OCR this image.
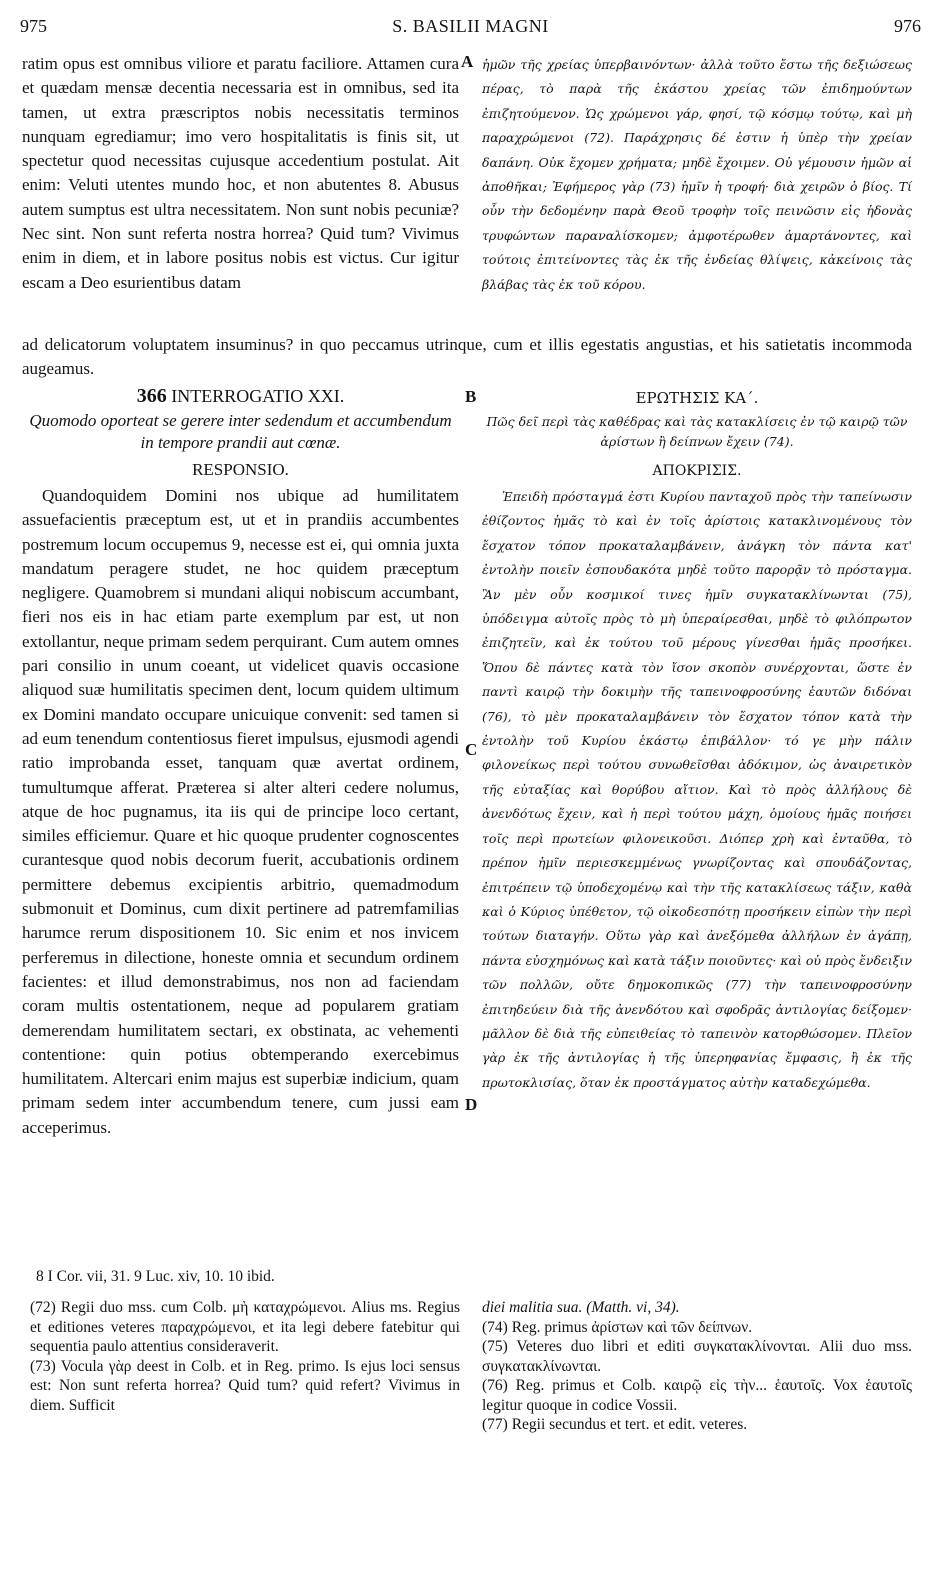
975	S. BASILII MAGNI	976
A
B
C
D
ratim opus est omnibus viliore et paratu faciliore. Attamen cura et quædam mensæ decentia necessaria est in omnibus, sed ita tamen, ut extra præscriptos nobis necessitatis terminos nunquam egrediamur; imo vero hospitalitatis is finis sit, ut spectetur quod necessitas cujusque accedentium postulat. Ait enim: Veluti utentes mundo hoc, et non abutentes 8. Abusus autem sumptus est ultra necessitatem. Non sunt nobis pecuniæ? Nec sint. Non sunt referta nostra horrea? Quid tum? Vivimus enim in diem, et in labore positus nobis est victus. Cur igitur escam a Deo esurientibus datam
ἡμῶν τῆς χρείας ὑπερβαινόντων· ἀλλὰ τοῦτο ἔστω τῆς δεξιώσεως πέρας, τὸ παρὰ τῆς ἑκάστου χρείας τῶν ἐπιδημούντων ἐπιζητούμενον. Ὡς χρώμενοι γάρ, φησί, τῷ κόσμῳ τούτῳ, καὶ μὴ παραχρώμενοι (72). Παράχρησις δέ ἐστιν ἡ ὑπὲρ τὴν χρείαν δαπάνη. Οὐκ ἔχομεν χρήματα; μηδὲ ἔχοιμεν. Οὐ γέμουσιν ἡμῶν αἱ ἀποθῆκαι; Ἐφήμερος γὰρ (73) ἡμῖν ἡ τροφή· διὰ χειρῶν ὁ βίος. Τί οὖν τὴν δεδομένην παρὰ Θεοῦ τροφὴν τοῖς πεινῶσιν εἰς ἡδονὰς τρυφώντων παραναλίσκομεν; ἀμφοτέρωθεν ἁμαρτάνοντες, καὶ τούτοις ἐπιτείνοντες τὰς ἐκ τῆς ἐνδείας θλίψεις, κἀκείνοις τὰς βλάβας τὰς ἐκ τοῦ κόρου.
ad delicatorum voluptatem insuminus? in quo peccamus utrinque, cum et illis egestatis angustias, et his satietatis incommoda augeamus.
366 INTERROGATIO XXI.
Quomodo oporteat se gerere inter sedendum et accumbendum in tempore prandii aut cœnæ.
RESPONSIO.
ΕΡΩΤΗΣΙΣ ΚΑ΄.
Πῶς δεῖ περὶ τὰς καθέδρας καὶ τὰς κατακλίσεις ἐν τῷ καιρῷ τῶν ἀρίστων ἢ δείπνων ἔχειν (74).
ΑΠΟΚΡΙΣΙΣ.
Quandoquidem Domini nos ubique ad humilitatem assuefacientis præceptum est, ut et in prandiis accumbentes postremum locum occupemus 9, necesse est ei, qui omnia juxta mandatum peragere studet, ne hoc quidem præceptum negligere. Quamobrem si mundani aliqui nobiscum accumbant, fieri nos eis in hac etiam parte exemplum par est, ut non extollantur, neque primam sedem perquirant. Cum autem omnes pari consilio in unum coeant, ut videlicet quavis occasione aliquod suæ humilitatis specimen dent, locum quidem ultimum ex Domini mandato occupare unicuique convenit: sed tamen si ad eum tenendum contentiosus fieret impulsus, ejusmodi agendi ratio improbanda esset, tanquam quæ avertat ordinem, tumultumque afferat. Præterea si alter alteri cedere nolumus, atque de hoc pugnamus, ita iis qui de principe loco certant, similes efficiemur. Quare et hic quoque prudenter cognoscentes curantesque quod nobis decorum fuerit, accubationis ordinem permittere debemus excipientis arbitrio, quemadmodum submonuit et Dominus, cum dixit pertinere ad patremfamilias harumce rerum dispositionem 10. Sic enim et nos invicem perferemus in dilectione, honeste omnia et secundum ordinem facientes: et illud demonstrabimus, nos non ad faciendam coram multis ostentationem, neque ad popularem gratiam demerendam humilitatem sectari, ex obstinata, ac vehementi contentione: quin potius obtemperando exercebimus humilitatem. Altercari enim majus est superbiæ indicium, quam primam sedem inter accumbendum tenere, cum jussi eam acceperimus.
Ἐπειδὴ πρόσταγμά ἐστι Κυρίου πανταχοῦ πρὸς τὴν ταπείνωσιν ἐθίζοντος ἡμᾶς τὸ καὶ ἐν τοῖς ἀρίστοις κατακλινομένους τὸν ἔσχατον τόπον προκαταλαμβάνειν, ἀνάγκη τὸν πάντα κατ' ἐντολὴν ποιεῖν ἐσπουδακότα μηδὲ τοῦτο παρορᾷν τὸ πρόσταγμα. Ἂν μὲν οὖν κοσμικοί τινες ἡμῖν συγκατακλίνωνται (75), ὑπόδειγμα αὐτοῖς πρὸς τὸ μὴ ὑπεραίρεσθαι, μηδὲ τὸ φιλόπρωτον ἐπιζητεῖν, καὶ ἐκ τούτου τοῦ μέρους γίνεσθαι ἡμᾶς προσήκει. Ὅπου δὲ πάντες κατὰ τὸν ἴσον σκοπὸν συνέρχονται, ὥστε ἐν παντὶ καιρῷ τὴν δοκιμὴν τῆς ταπεινοφροσύνης ἑαυτῶν διδόναι (76), τὸ μὲν προκαταλαμβάνειν τὸν ἔσχατον τόπον κατὰ τὴν ἐντολὴν τοῦ Κυρίου ἑκάστῳ ἐπιβάλλον· τό γε μὴν πάλιν φιλονείκως περὶ τούτου συνωθεῖσθαι ἀδόκιμον, ὡς ἀναιρετικὸν τῆς εὐταξίας καὶ θορύβου αἴτιον. Καὶ τὸ πρὸς ἀλλήλους δὲ ἀνενδότως ἔχειν, καὶ ἡ περὶ τούτου μάχη, ὁμοίους ἡμᾶς ποιήσει τοῖς περὶ πρωτείων φιλονεικοῦσι. Διόπερ χρὴ καὶ ἐνταῦθα, τὸ πρέπον ἡμῖν περιεσκεμμένως γνωρίζοντας καὶ σπουδάζοντας, ἐπιτρέπειν τῷ ὑποδεχομένῳ καὶ τὴν τῆς κατακλίσεως τάξιν, καθὰ καὶ ὁ Κύριος ὑπέθετον, τῷ οἰκοδεσπότῃ προσήκειν εἰπὼν τὴν περὶ τούτων διαταγήν. Οὕτω γὰρ καὶ ἀνεξόμεθα ἀλλήλων ἐν ἀγάπῃ, πάντα εὐσχημόνως καὶ κατὰ τάξιν ποιοῦντες· καὶ οὐ πρὸς ἔνδειξιν τῶν πολλῶν, οὔτε δημοκοπικῶς (77) τὴν ταπεινοφροσύνην ἐπιτηδεύειν διὰ τῆς ἀνενδότου καὶ σφοδρᾶς ἀντιλογίας δείξομεν· μᾶλλον δὲ διὰ τῆς εὐπειθείας τὸ ταπεινὸν κατορθώσομεν. Πλεῖον γὰρ ἐκ τῆς ἀντιλογίας ἡ τῆς ὑπερηφανίας ἔμφασις, ἢ ἐκ τῆς πρωτοκλισίας, ὅταν ἐκ προστάγματος αὐτὴν καταδεχώμεθα.
8 I Cor. vii, 31. 9 Luc. xiv, 10. 10 ibid.

(72) Regii duo mss. cum Colb. μὴ καταχρώμενοι. Alius ms. Regius et editiones veteres παραχρώμενοι, et ita legi debere fatebitur qui sequentia paulo attentius consideraverit.

(73) Vocula γὰρ deest in Colb. et in Reg. primo. Is ejus loci sensus est: Non sunt referta horrea? Quid tum? quid refert? Vivimus in diem. Sufficit

diei malitia sua. (Matth. vi, 34).

(74) Reg. primus ἀρίστων καὶ τῶν δείπνων.

(75) Veteres duo libri et editi συγκατακλίνονται. Alii duo mss. συγκατακλίνωνται.

(76) Reg. primus et Colb. καιρῷ εἰς τὴν... ἑαυτοῖς. Vox ἑαυτοῖς legitur quoque in codice Vossii.

(77) Regii secundus et tert. et edit. veteres.
